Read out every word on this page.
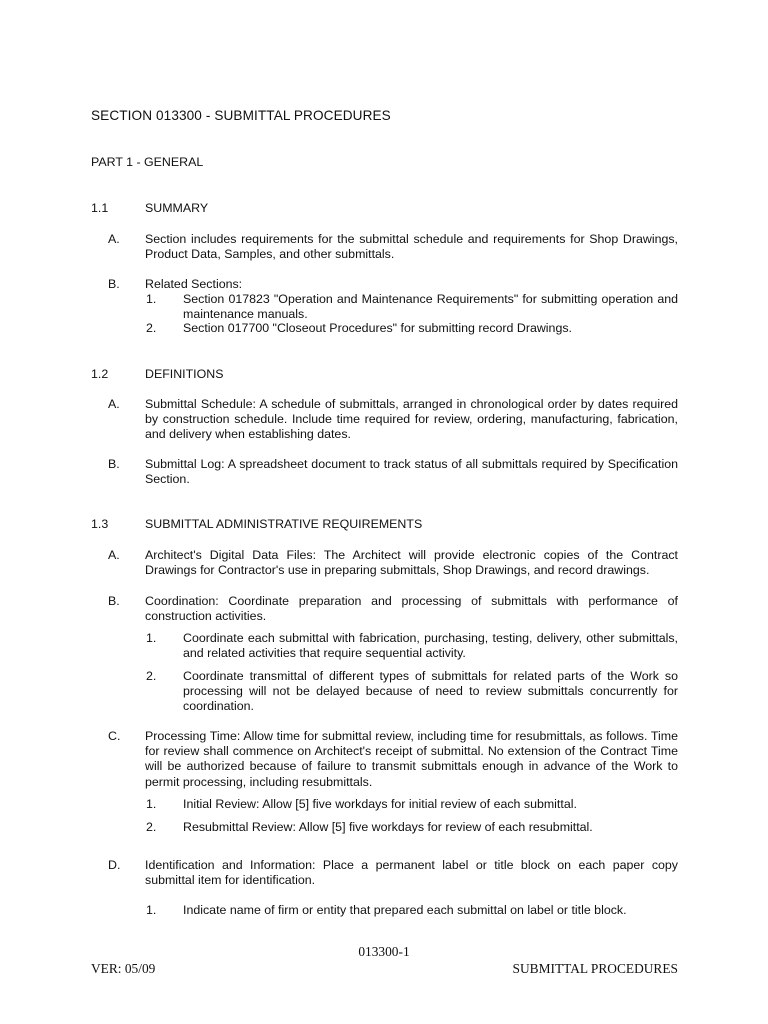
SECTION 013300 - SUBMITTAL PROCEDURES
PART 1 - GENERAL
1.1	SUMMARY
A. Section includes requirements for the submittal schedule and requirements for Shop Drawings, Product Data, Samples, and other submittals.
B. Related Sections:
1. Section 017823 "Operation and Maintenance Requirements" for submitting operation and maintenance manuals.
2. Section 017700 "Closeout Procedures" for submitting record Drawings.
1.2	DEFINITIONS
A. Submittal Schedule: A schedule of submittals, arranged in chronological order by dates required by construction schedule. Include time required for review, ordering, manufacturing, fabrication, and delivery when establishing dates.
B. Submittal Log: A spreadsheet document to track status of all submittals required by Specification Section.
1.3	SUBMITTAL ADMINISTRATIVE REQUIREMENTS
A. Architect's Digital Data Files: The Architect will provide electronic copies of the Contract Drawings for Contractor's use in preparing submittals, Shop Drawings, and record drawings.
B. Coordination: Coordinate preparation and processing of submittals with performance of construction activities.
1. Coordinate each submittal with fabrication, purchasing, testing, delivery, other submittals, and related activities that require sequential activity.
2. Coordinate transmittal of different types of submittals for related parts of the Work so processing will not be delayed because of need to review submittals concurrently for coordination.
C. Processing Time: Allow time for submittal review, including time for resubmittals, as follows. Time for review shall commence on Architect's receipt of submittal. No extension of the Contract Time will be authorized because of failure to transmit submittals enough in advance of the Work to permit processing, including resubmittals.
1. Initial Review: Allow [5] five workdays for initial review of each submittal.
2. Resubmittal Review: Allow [5] five workdays for review of each resubmittal.
D. Identification and Information: Place a permanent label or title block on each paper copy submittal item for identification.
1. Indicate name of firm or entity that prepared each submittal on label or title block.
013300-1
VER: 05/09	SUBMITTAL PROCEDURES
